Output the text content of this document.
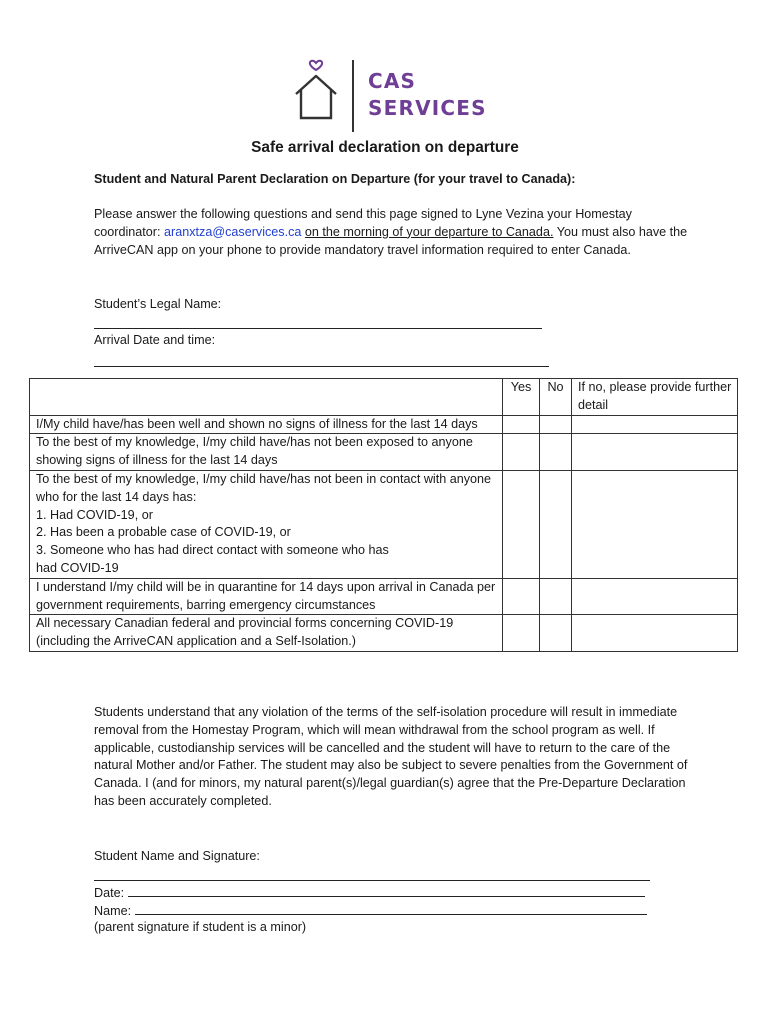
CAS
SERVICES
Safe arrival declaration on departure
Student and Natural Parent Declaration on Departure (for your travel to Canada):
Please answer the following questions and send this page signed to Lyne Vezina your Homestay coordinator: aranxtza@caservices.ca on the morning of your departure to Canada. You must also have the ArriveCAN app on your phone to provide mandatory travel information required to enter Canada.
Student’s Legal Name:
Arrival Date and time:
	Yes	No	If no, please provide further detail
I/My child have/has been well and shown no signs of illness for the last 14 days			
To the best of my knowledge, I/my child have/has not been exposed to anyone showing signs of illness for the last 14 days			
To the best of my knowledge, I/my child have/has not been in contact with anyone who for the last 14 days has:
1. Had COVID-19, or
2. Has been a probable case of COVID-19, or
3. Someone who has had direct contact with someone who has
had COVID-19			
I understand I/my child will be in quarantine for 14 days upon arrival in Canada per government requirements, barring emergency circumstances			
All necessary Canadian federal and provincial forms concerning COVID-19 (including the ArriveCAN application and a Self-Isolation.)			
Students understand that any violation of the terms of the self-isolation procedure will result in immediate removal from the Homestay Program, which will mean withdrawal from the school program as well. If applicable, custodianship services will be cancelled and the student will have to return to the care of the natural Mother and/or Father. The student may also be subject to severe penalties from the Government of Canada. I (and for minors, my natural parent(s)/legal guardian(s) agree that the Pre-Departure Declaration has been accurately completed.
Student Name and Signature:
Date:
Name:
(parent signature if student is a minor)
